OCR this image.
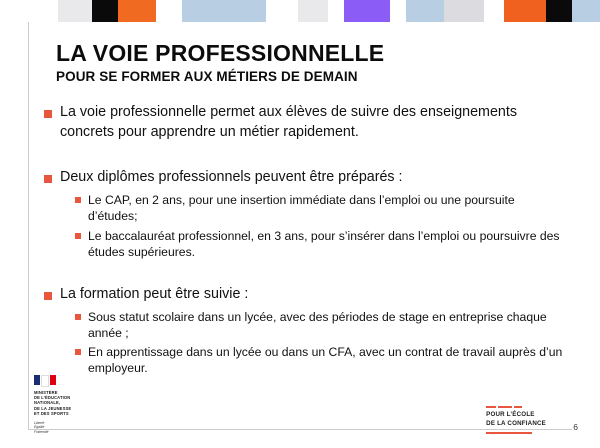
LA VOIE PROFESSIONNELLE
POUR SE FORMER AUX MÉTIERS DE DEMAIN
La voie professionnelle permet aux élèves de suivre des enseignements concrets pour apprendre un métier rapidement.
Deux diplômes professionnels peuvent être préparés :
Le CAP, en 2 ans, pour une insertion immédiate dans l’emploi ou une poursuite d’études;
Le baccalauréat professionnel, en 3 ans, pour s’insérer dans l’emploi ou poursuivre des études supérieures.
La formation peut être suivie :
Sous statut scolaire dans un lycée, avec des périodes de stage en entreprise chaque année ;
En apprentissage dans un lycée ou dans un CFA, avec un contrat de travail auprès d’un employeur.
MINISTÈRE
DE L’ÉDUCATION
NATIONALE,
DE LA JEUNESSE
ET DES SPORTS
Liberté
Égalité
Fraternité
POUR L’ÉCOLE
DE LA CONFIANCE	6
